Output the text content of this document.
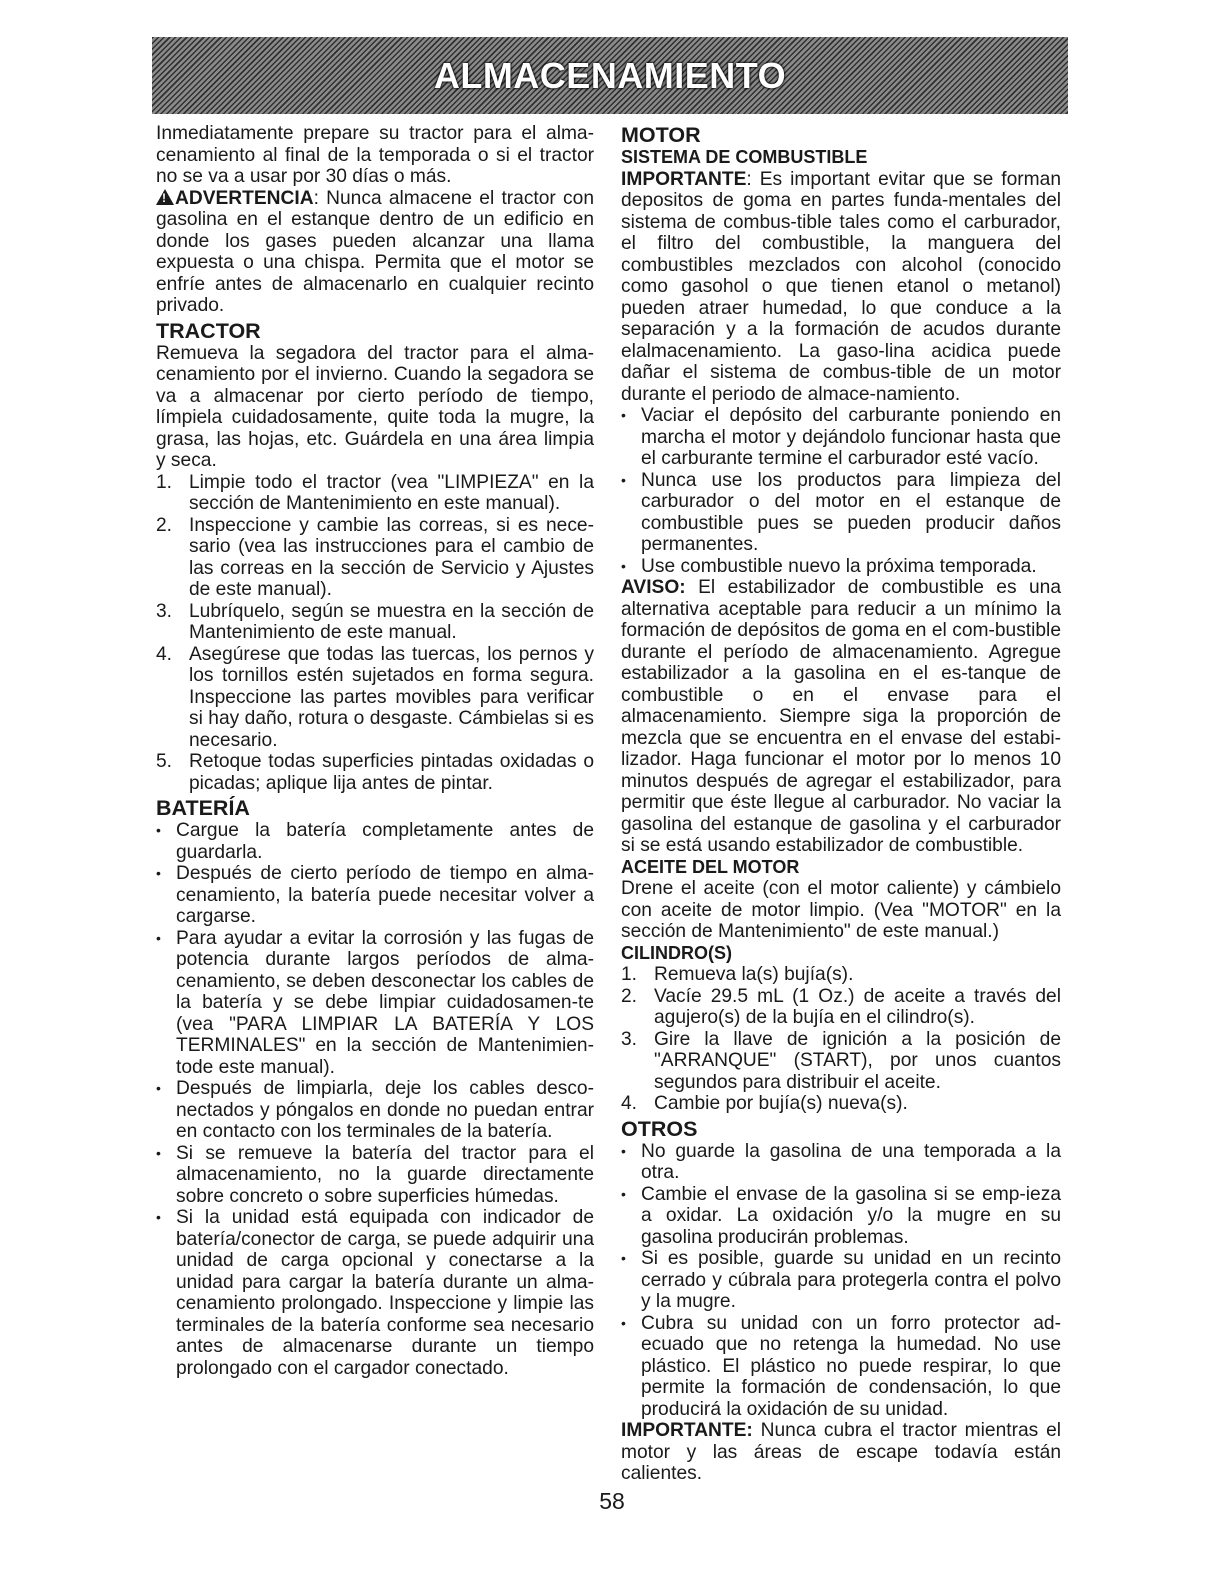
ALMACENAMIENTO

Inmediatamente prepare su tractor para el alma-cenamiento al final de la temporada o si el tractor no se va a usar por 30 días o más.

!ADVERTENCIA: Nunca almacene el tractor con gasolina en el estanque dentro de un edificio en donde los gases pueden alcanzar una llama expuesta o una chispa. Permita que el motor se enfríe antes de almacenarlo en cualquier recinto privado.

TRACTOR

Remueva la segadora del tractor para el alma-cenamiento por el invierno. Cuando la segadora se va a almacenar por cierto período de tiempo, límpiela cuidadosamente, quite toda la mugre, la grasa, las hojas, etc. Guárdela en una área limpia y seca.

1. Limpie todo el tractor (vea "LIMPIEZA" en la sección de Mantenimiento en este manual).
2. Inspeccione y cambie las correas, si es nece-sario (vea las instrucciones para el cambio de las correas en la sección de Servicio y Ajustes de este manual).
3. Lubríquelo, según se muestra en la sección de Mantenimiento de este manual.
4. Asegúrese que todas las tuercas, los pernos y los tornillos estén sujetados en forma segura. Inspeccione las partes movibles para verificar si hay daño, rotura o desgaste. Cámbielas si es necesario.
5. Retoque todas superficies pintadas oxidadas o picadas; aplique lija antes de pintar.
BATERÍA
• Cargue la batería completamente antes de guardarla.
• Después de cierto período de tiempo en alma-cenamiento, la batería puede necesitar volver a cargarse.
• Para ayudar a evitar la corrosión y las fugas de potencia durante largos períodos de alma-cenamiento, se deben desconectar los cables de la batería y se debe limpiar cuidadosamen-te (vea "PARA LIMPIAR LA BATERÍA Y LOS TERMINALES" en la sección de Mantenimien-tode este manual).
• Después de limpiarla, deje los cables desco-nectados y póngalos en donde no puedan entrar en contacto con los terminales de la batería.
• Si se remueve la batería del tractor para el almacenamiento, no la guarde directamente sobre concreto o sobre superficies húmedas.
• Si la unidad está equipada con indicador de batería/conector de carga, se puede adquirir una unidad de carga opcional y conectarse a la unidad para cargar la batería durante un alma-cenamiento prolongado. Inspeccione y limpie las terminales de la batería conforme sea necesario antes de almacenarse durante un tiempo prolongado con el cargador conectado.
MOTOR
SISTEMA DE COMBUSTIBLE

IMPORTANTE: Es important evitar que se forman depositos de goma en partes funda-mentales del sistema de combus-tible tales como el carburador, el filtro del combustible, la manguera del combustibles mezclados con alcohol (conocido como gasohol o que tienen etanol o metanol) pueden atraer humedad, lo que conduce a la separación y a la formación de acudos durante elalmacenamiento. La gaso-lina acidica puede dañar el sistema de combus-tible de un motor durante el periodo de almace-namiento.

• Vaciar el depósito del carburante poniendo en marcha el motor y dejándolo funcionar hasta que el carburante termine el carburador esté vacío.
• Nunca use los productos para limpieza del carburador o del motor en el estanque de combustible pues se pueden producir daños permanentes.
• Use combustible nuevo la próxima temporada.

AVISO: El estabilizador de combustible es una alternativa aceptable para reducir a un mínimo la formación de depósitos de goma en el com-bustible durante el período de almacenamiento. Agregue estabilizador a la gasolina en el es-tanque de combustible o en el envase para el almacenamiento. Siempre siga la proporción de mezcla que se encuentra en el envase del estabi-lizador. Haga funcionar el motor por lo menos 10 minutos después de agregar el estabilizador, para permitir que éste llegue al carburador. No vaciar la gasolina del estanque de gasolina y el carburador si se está usando estabilizador de combustible.

ACEITE DEL MOTOR

Drene el aceite (con el motor caliente) y cámbielo con aceite de motor limpio. (Vea "MOTOR" en la sección de Mantenimiento" de este manual.)

CILINDRO(S)
1. Remueva la(s) bujía(s).
2. Vacíe 29.5 mL (1 Oz.) de aceite a través del agujero(s) de la bujía en el cilindro(s).
3. Gire la llave de ignición a la posición de "ARRANQUE" (START), por unos cuantos segundos para distribuir el aceite.
4. Cambie por bujía(s) nueva(s).
OTROS
• No guarde la gasolina de una temporada a la otra.
• Cambie el envase de la gasolina si se emp-ieza a oxidar. La oxidación y/o la mugre en su gasolina producirán problemas.
• Si es posible, guarde su unidad en un recinto cerrado y cúbrala para protegerla contra el polvo y la mugre.
• Cubra su unidad con un forro protector ad-ecuado que no retenga la humedad. No use plástico. El plástico no puede respirar, lo que permite la formación de condensación, lo que producirá la oxidación de su unidad.

IMPORTANTE: Nunca cubra el tractor mientras el motor y las áreas de escape todavía están calientes.

58
